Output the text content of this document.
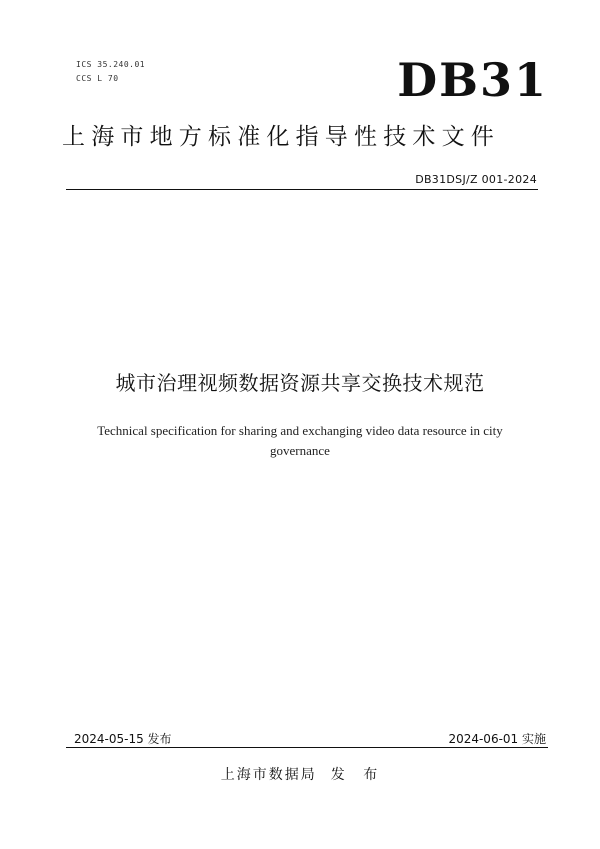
ICS 35.240.01
CCS L 70	DB31
上海市地方标准化指导性技术文件
DB31DSJ/Z 001-2024
城市治理视频数据资源共享交换技术规范
Technical specification for sharing and exchanging video data resource in city governance
2024-05-15 发布	2024-06-01 实施
上海市数据局 发 布
